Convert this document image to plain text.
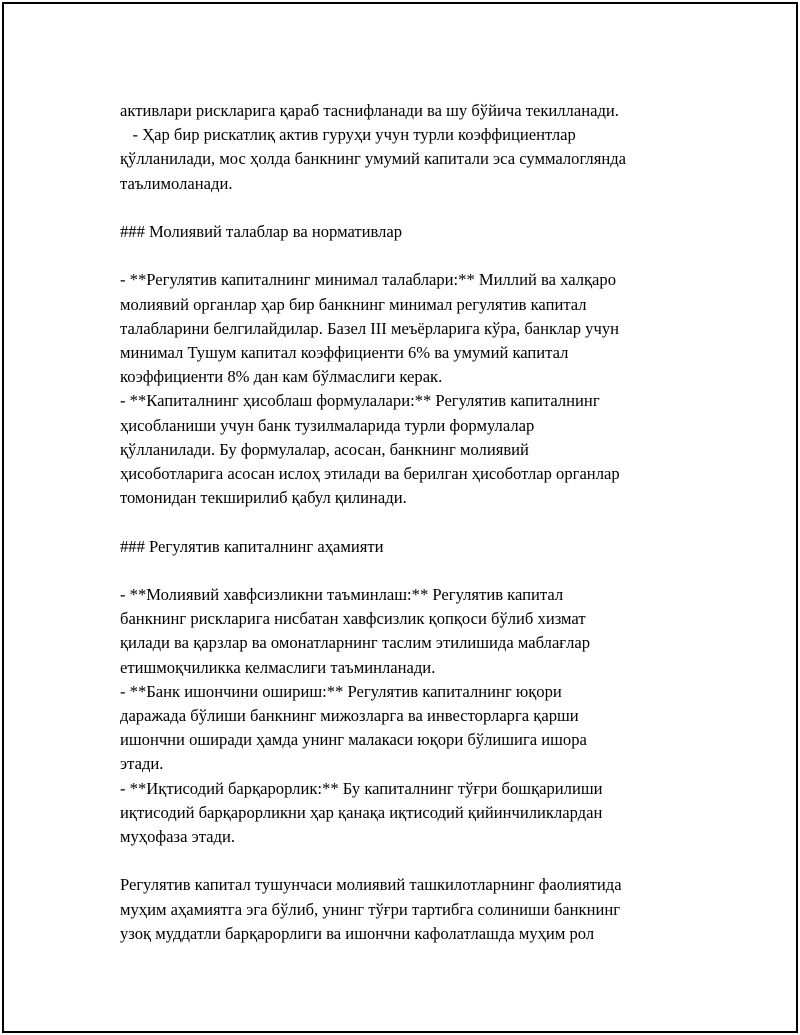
активлари рискларига қараб таснифланади ва шу бўйича текилланади.

- Ҳар бир рискатлиқ актив гуруҳи учун турли коэффициентлар

қўлланилади, мос ҳолда банкнинг умумий капитали эса суммалоглянда

таълимоланади.

### Молиявий талаблар ва нормативлар

- **Регулятив капиталнинг минимал талаблари:** Миллий ва халқаро

молиявий органлар ҳар бир банкнинг минимал регулятив капитал

талабларини белгилайдилар. Базел III меъёрларига кўра, банклар учун

минимал Тушум капитал коэффициенти 6% ва умумий капитал

коэффициенти 8% дан кам бўлмаслиги керак.

- **Капиталнинг ҳисоблаш формулалари:** Регулятив капиталнинг

ҳисобланиши учун банк тузилмаларида турли формулалар

қўлланилади. Бу формулалар, асосан, банкнинг молиявий

ҳисоботларига асосан ислоҳ этилади ва берилган ҳисоботлар органлар

томонидан текширилиб қабул қилинади.

### Регулятив капиталнинг аҳамияти

- **Молиявий хавфсизликни таъминлаш:** Регулятив капитал

банкнинг рискларига нисбатан хавфсизлик қопқоси бўлиб хизмат

қилади ва қарзлар ва омонатларнинг таслим этилишида маблағлар

етишмоқчиликка келмаслиги таъминланади.

- **Банк ишончини ошириш:** Регулятив капиталнинг юқори

даражада бўлиши банкнинг мижозларга ва инвесторларга қарши

ишончни оширади ҳамда унинг малакаси юқори бўлишига ишора

этади.

- **Иқтисодий барқарорлик:** Бу капиталнинг тўғри бошқарилиши

иқтисодий барқарорликни ҳар қанақа иқтисодий қийинчиликлардан

муҳофаза этади.

Регулятив капитал тушунчаси молиявий ташкилотларнинг фаолиятида

муҳим аҳамиятга эга бўлиб, унинг тўғри тартибга солиниши банкнинг

узоқ муддатли барқарорлиги ва ишончни кафолатлашда муҳим рол
